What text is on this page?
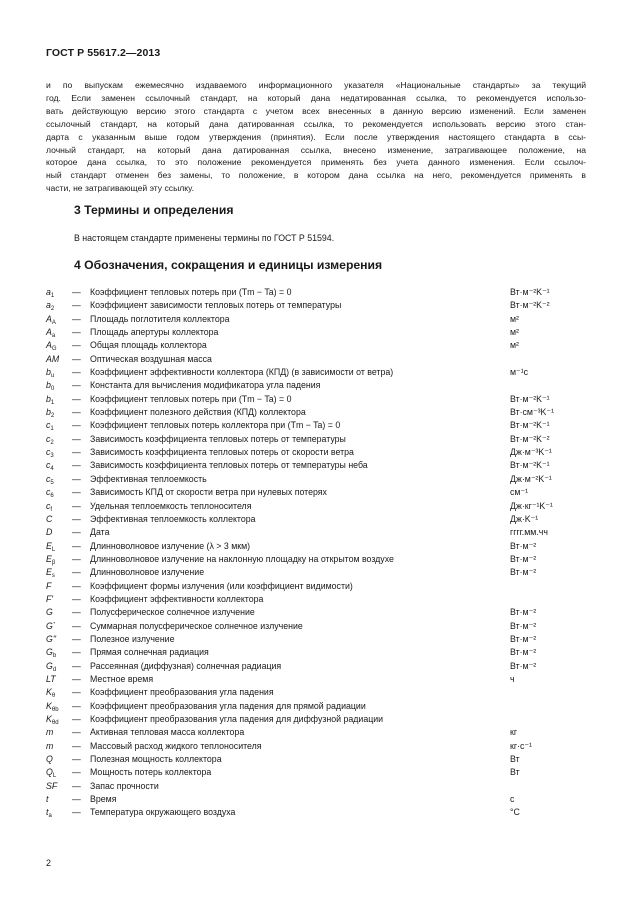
ГОСТ Р 55617.2—2013
и по выпускам ежемесячно издаваемого информационного указателя «Национальные стандарты» за текущий
год. Если заменен ссылочный стандарт, на который дана недатированная ссылка, то рекомендуется использо-
вать действующую версию этого стандарта с учетом всех внесенных в данную версию изменений. Если заменен
ссылочный стандарт, на который дана датированная ссылка, то рекомендуется использовать версию этого стан-
дарта с указанным выше годом утверждения (принятия). Если после утверждения настоящего стандарта в ссы-
лочный стандарт, на который дана датированная ссылка, внесено изменение, затрагивающее положение, на
которое дана ссылка, то это положение рекомендуется применять без учета данного изменения. Если ссылоч-
ный стандарт отменен без замены, то положение, в котором дана ссылка на него, рекомендуется применять в
части, не затрагивающей эту ссылку.
3 Термины и определения
В настоящем стандарте применены термины по ГОСТ Р 51594.
4 Обозначения, сокращения и единицы измерения
$a_1$ — Коэффициент тепловых потерь при (Tm − Ta) = 0	Вт·м⁻²K⁻¹
$a_2$ — Коэффициент зависимости тепловых потерь от температуры	Вт·м⁻²K⁻²
$A_A$ — Площадь поглотителя коллектора	м²
$A_a$ — Площадь апертуры коллектора	м²
$A_G$ — Общая площадь коллектора	м²
AM — Оптическая воздушная масса
$b_u$ — Коэффициент эффективности коллектора (КПД) (в зависимости от ветра)	м⁻¹с
$b_0$ — Константа для вычисления модификатора угла падения
$b_1$ — Коэффициент тепловых потерь при (Tm − Ta) = 0	Вт·м⁻²K⁻¹
$b_2$ — Коэффициент полезного действия (КПД) коллектора	Вт·см⁻³K⁻¹
$c_1$ — Коэффициент тепловых потерь коллектора при (Tm − Ta) = 0	Вт·м⁻²K⁻¹
$c_2$ — Зависимость коэффициента тепловых потерь от температуры	Вт·м⁻²K⁻²
$c_3$ — Зависимость коэффициента тепловых потерь от скорости ветра	Дж·м⁻³K⁻¹
$c_4$ — Зависимость коэффициента тепловых потерь от температуры неба	Вт·м⁻²K⁻¹
$c_5$ — Эффективная теплоемкость	Дж·м⁻²K⁻¹
$c_6$ — Зависимость КПД от скорости ветра при нулевых потерях	см⁻¹
$c_f$ — Удельная теплоемкость теплоносителя	Дж·кг⁻¹K⁻¹
C — Эффективная теплоемкость коллектора	Дж·K⁻¹
D — Дата	гггг.мм.чч
$E_L$ — Длинноволновое излучение (λ > 3 мкм)	Вт·м⁻²
$E_\beta$ — Длинноволновое излучение на наклонную площадку на открытом воздухе	Вт·м⁻²
$E_s$ — Длинноволновое излучение	Вт·м⁻²
F — Коэффициент формы излучения (или коэффициент видимости)
F' — Коэффициент эффективности коллектора
G — Полусферическое солнечное излучение	Вт·м⁻²
G` — Суммарная полусферическое солнечное излучение	Вт·м⁻²
G" — Полезное излучение	Вт·м⁻²
$G_b$ — Прямая солнечная радиация	Вт·м⁻²
$G_d$ — Рассеянная (диффузная) солнечная радиация	Вт·м⁻²
LT — Местное время	ч
$K_\theta$ — Коэффициент преобразования угла падения
$K_{\theta b}$ — Коэффициент преобразования угла падения для прямой радиации
$K_{\theta d}$ — Коэффициент преобразования угла падения для диффузной радиации
m — Активная тепловая масса коллектора	кг
m — Массовый расход жидкого теплоносителя	кг·с⁻¹
Q — Полезная мощность коллектора	Вт
$Q_L$ — Мощность потерь коллектора	Вт
SF — Запас прочности
t	— Время	с
$t_a$ — Температура окружающего воздуха	°С
2
